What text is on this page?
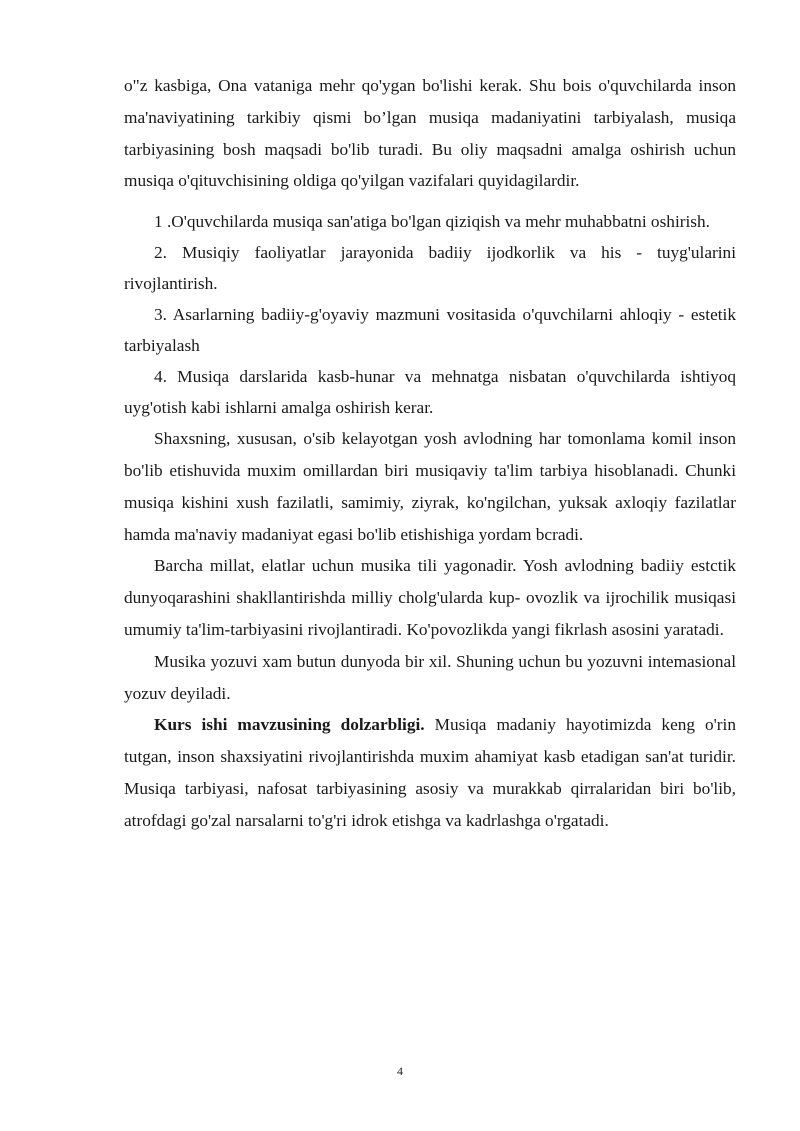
o"z kasbiga, Ona vataniga mehr qo'ygan bo'lishi kerak. Shu bois o'quvchilarda inson ma'naviyatining tarkibiy qismi bo’lgan musiqa madaniyatini tarbiyalash, musiqa tarbiyasining bosh maqsadi bo'lib turadi. Bu oliy maqsadni amalga oshirish uchun musiqa o'qituvchisining oldiga qo'yilgan vazifalari quyidagilardir.

1 .O'quvchilarda musiqa san'atiga bo'lgan qiziqish va mehr muhabbatni oshirish.

2. Musiqiy faoliyatlar jarayonida badiiy ijodkorlik va his - tuyg'ularini rivojlantirish.

3. Asarlarning badiiy-g'oyaviy mazmuni vositasida o'quvchilarni ahloqiy - estetik tarbiyalash

4. Musiqa darslarida kasb-hunar va mehnatga nisbatan o'quvchilarda ishtiyoq uyg'otish kabi ishlarni amalga oshirish kerar.

Shaxsning, xususan, o'sib kelayotgan yosh avlodning har tomonlama komil inson bo'lib etishuvida muxim omillardan biri musiqaviy ta'lim tarbiya hisoblanadi. Chunki musiqa kishini xush fazilatli, samimiy, ziyrak, ko'ngilchan, yuksak axloqiy fazilatlar hamda ma'naviy madaniyat egasi bo'lib etishishiga yordam bcradi.

Barcha millat, elatlar uchun musika tili yagonadir. Yosh avlodning badiiy estctik dunyoqarashini shakllantirishda milliy cholg'ularda kup- ovozlik va ijrochilik musiqasi umumiy ta'lim-tarbiyasini rivojlantiradi. Ko'povozlikda yangi fikrlash asosini yaratadi.

Musika yozuvi xam butun dunyoda bir xil. Shuning uchun bu yozuvni intemasional yozuv deyiladi.

Kurs ishi mavzusining dolzarbligi. Musiqa madaniy hayotimizda keng o'rin tutgan, inson shaxsiyatini rivojlantirishda muxim ahamiyat kasb etadigan san'at turidir. Musiqa tarbiyasi, nafosat tarbiyasining asosiy va murakkab qirralaridan biri bo'lib, atrofdagi go'zal narsalarni to'g'ri idrok etishga va kadrlashga o'rgatadi.

4
